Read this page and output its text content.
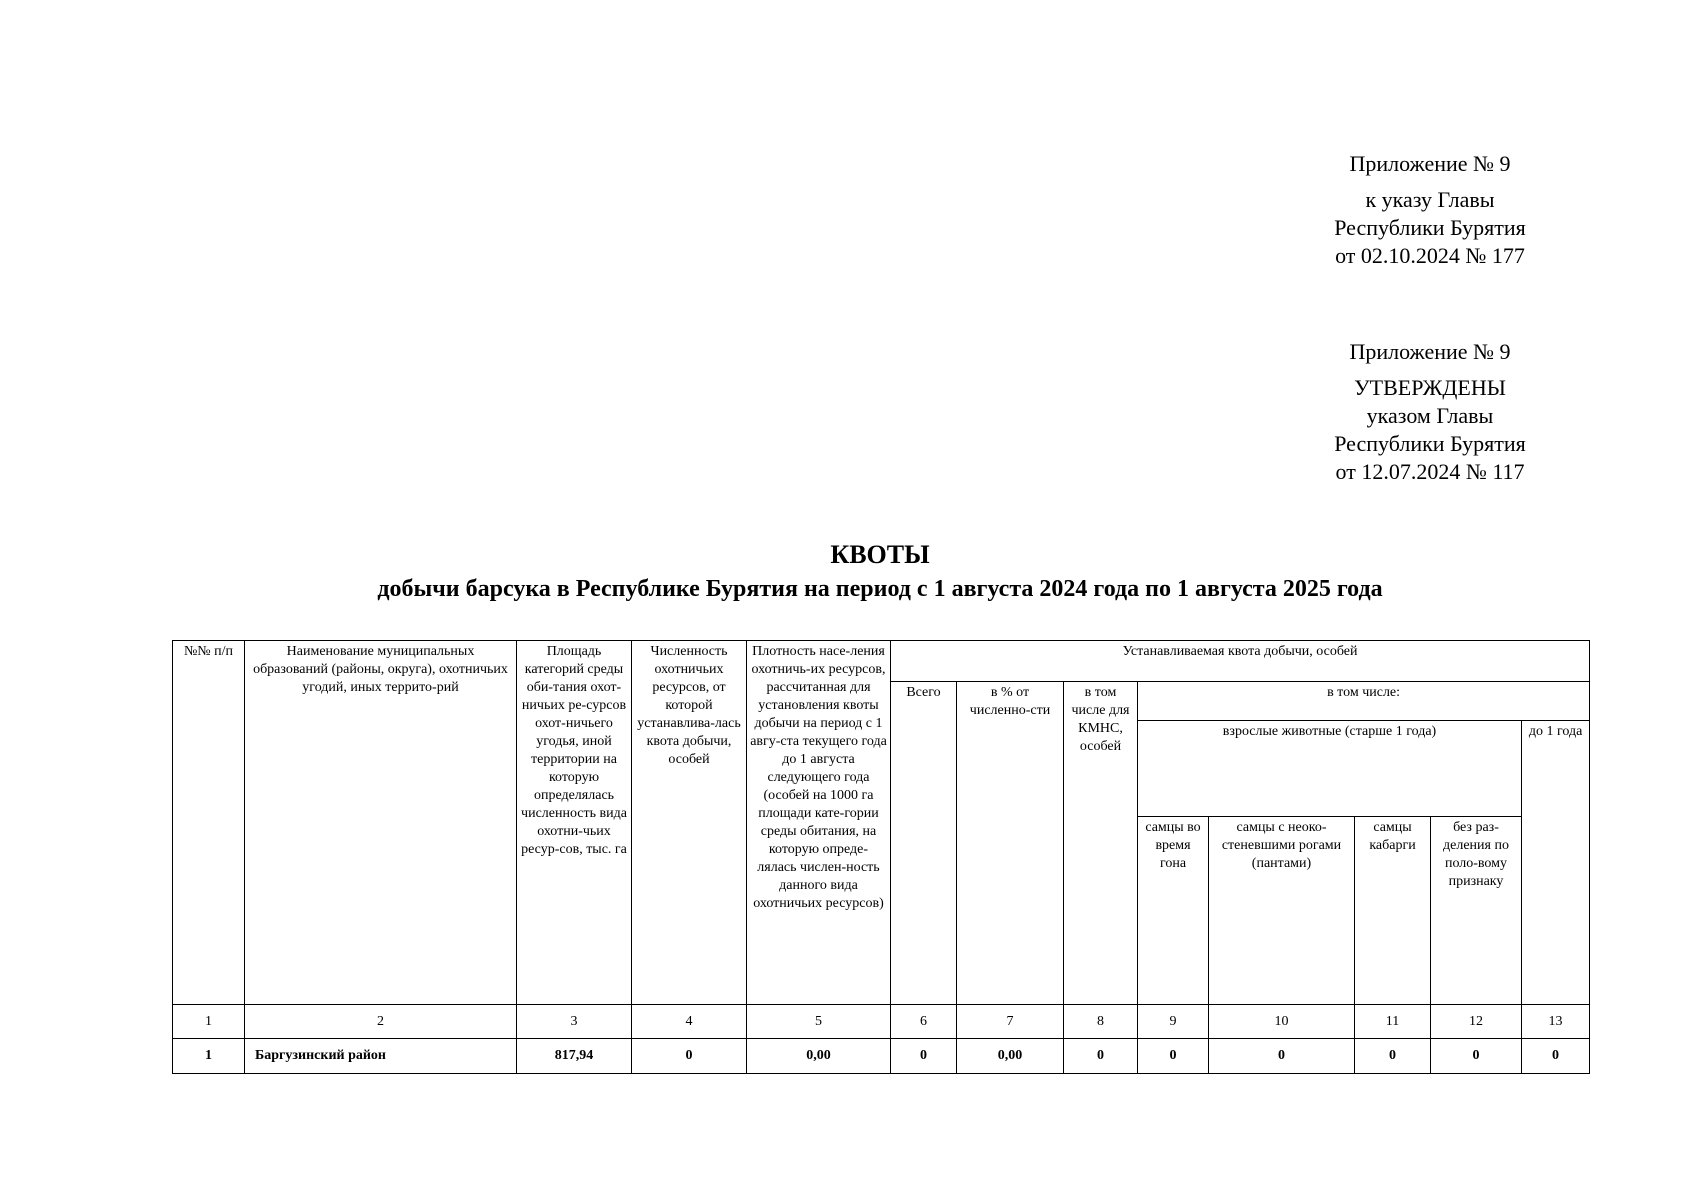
Приложение № 9
к указу Главы
Республики Бурятия
от 02.10.2024 № 177
Приложение № 9
УТВЕРЖДЕНЫ
указом Главы
Республики Бурятия
от 12.07.2024 № 117
КВОТЫ
добычи барсука в Республике Бурятия на период с 1 августа 2024 года по 1 августа 2025 года
№№ п/п	Наименование муниципальных образований (районы, округа), охотничьих угодий, иных террито-рий	Площадь категорий среды оби-тания охот-ничьих ре-сурсов охот-ничьего угодья, иной территории на которую определялась численность вида охотни-чьих ресур-сов, тыс. га	Численность охотничьих ресурсов, от которой устанавлива-лась квота добычи, особей	Плотность насе-ления охотничь-их ресурсов, рассчитанная для установления квоты добычи на период с 1 авгу-ста текущего года до 1 августа следующего года (особей на 1000 га площади кате-гории среды обитания, на которую опреде-лялась числен-ность данного вида охотничьих ресурсов)	Устанавливаемая квота добычи, особей							
					Всего	в % от численно-сти	в том числе для КМНС, особей	в том числе:				
								взрослые животные (старше 1 года)				до 1 года
								самцы во время гона	самцы с неоко-стеневшими рогами (пантами)	самцы кабарги	без раз-деления по поло-вому признаку	
1	2	3	4	5	6	7	8	9	10	11	12	13
1	Баргузинский район	817,94	0	0,00	0	0,00	0	0	0	0	0	0
